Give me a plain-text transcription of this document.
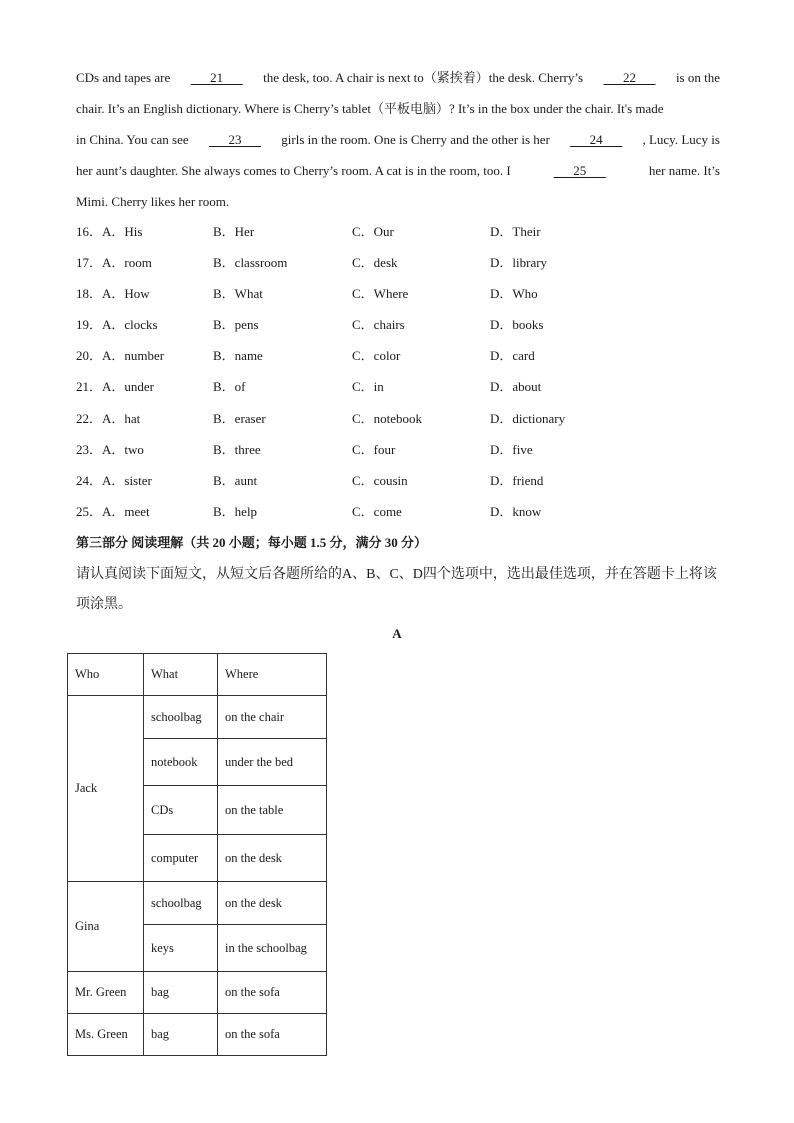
CDs and tapes are	21	the desk, too. A chair is next to（紧挨着）the desk. Cherry’s	22	is on the
chair. It’s an English dictionary. Where is Cherry’s tablet（平板电脑）? It’s in the box under the chair. It's made
in China. You can see	23	girls in the room. One is Cherry and the other is her	24	, Lucy. Lucy is
her aunt’s daughter. She always comes to Cherry’s room. A cat is in the room, too. I	25	her name. It’s
Mimi. Cherry likes her room.
16．A．His	B．Her	C．Our	D．Their
17．A．room	B．classroom	C．desk	D．library
18．A．How	B．What	C．Where	D．Who
19．A．clocks	B．pens	C．chairs	D．books
20．A．number	B．name	C．color	D．card
21．A．under	B．of	C．in	D．about
22．A．hat	B．eraser	C．notebook	D．dictionary
23．A．two	B．three	C．four	D．five
24．A．sister	B．aunt	C．cousin	D．friend
25．A．meet	B．help	C．come	D．know
第三部分 阅读理解（共 20 小题；每小题 1.5 分，满分 30 分）
请认真阅读下面短文，从短文后各题所给的A、B、C、D四个选项中，选出最佳选项，并在答题卡上将该项涂黑。
A
Who	What	Where
Jack	schoolbag	on the chair
	notebook	under the bed
	CDs	on the table
	computer	on the desk
Gina	schoolbag	on the desk
	keys	in the schoolbag
Mr. Green	bag	on the sofa
Ms. Green	bag	on the sofa
